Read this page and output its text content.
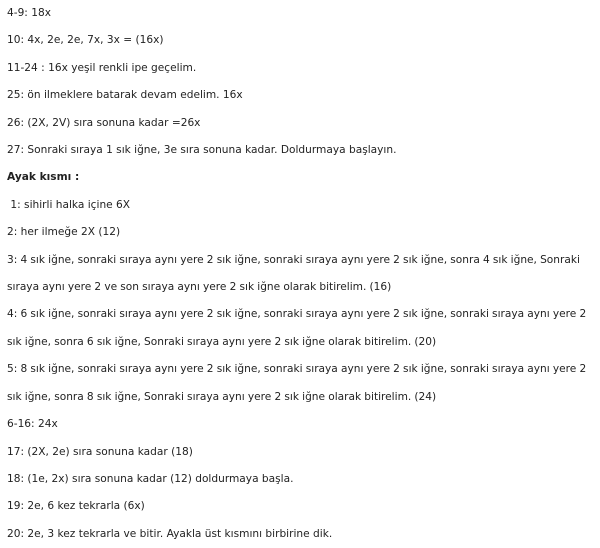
4-9: 18x

10: 4x, 2e, 2e, 7x, 3x = (16x)

11-24 : 16x yeşil renkli ipe geçelim.

25: ön ilmeklere batarak devam edelim. 16x

26: (2X, 2V) sıra sonuna kadar =26x

27: Sonraki sıraya 1 sık iğne, 3e sıra sonuna kadar. Doldurmaya başlayın.

Ayak kısmı :

1: sihirli halka içine 6X

2: her ilmeğe 2X (12)

3: 4 sık iğne, sonraki sıraya aynı yere 2 sık iğne, sonraki sıraya aynı yere 2 sık iğne, sonra 4 sık iğne, Sonraki sıraya aynı yere 2 ve son sıraya aynı yere 2 sık iğne olarak bitirelim. (16)

4: 6 sık iğne, sonraki sıraya aynı yere 2 sık iğne, sonraki sıraya aynı yere 2 sık iğne, sonraki sıraya aynı yere 2 sık iğne, sonra 6 sık iğne, Sonraki sıraya aynı yere 2 sık iğne olarak bitirelim. (20)

5: 8 sık iğne, sonraki sıraya aynı yere 2 sık iğne, sonraki sıraya aynı yere 2 sık iğne, sonraki sıraya aynı yere 2 sık iğne, sonra 8 sık iğne, Sonraki sıraya aynı yere 2 sık iğne olarak bitirelim. (24)

6-16: 24x

17: (2X, 2e) sıra sonuna kadar (18)

18: (1e, 2x) sıra sonuna kadar (12) doldurmaya başla.

19: 2e, 6 kez tekrarla (6x)

20: 2e, 3 kez tekrarla ve bitir. Ayakla üst kısmını birbirine dik.
